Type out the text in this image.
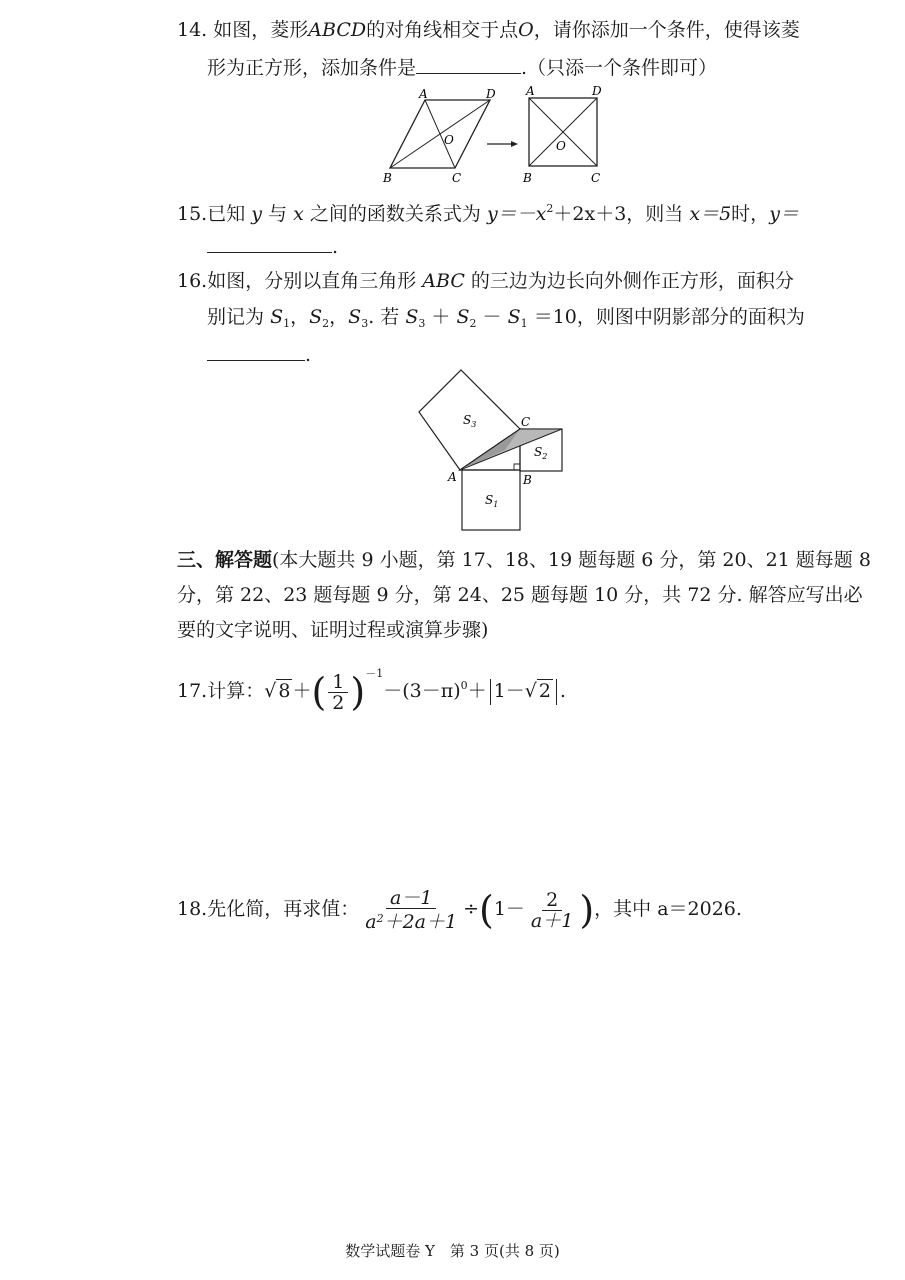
14. 如图，菱形ABCD的对角线相交于点O，请你添加一个条件，使得该菱
形为正方形，添加条件是	.（只添一个条件即可）
A	D
B	C
O
A	D
B	C
O
15.已知 y 与 x 之间的函数关系式为 $y=-x^2+2x+3$，则当 x＝5时，y＝
.
16.如图，分别以直角三角形 ABC 的三边为边长向外侧作正方形，面积分
别记为 $S_1$，$S_2$，$S_3$. 若 $S_3 + S_2 - S_1 =10$，则图中阴影部分的面积为
.
$S_3$
$S_2$
$S_1$
A	B
C
三、解答题(本大题共 9 小题，第 17、18、19 题每题 6 分，第 20、21 题每题 8
分，第 22、23 题每题 9 分，第 24、25 题每题 10 分，共 72 分. 解答应写出必
要的文字说明、证明过程或演算步骤)
17.计算：√ 8 ＋( $\frac{1}{2} )^{-1}-(3-\pi)^0+ 1-√$ 2 .
18.先化简，再求值： $\frac{a-1}{a^2+2a+1} \div(1- \frac{2}{a+1}$ )，其中 a＝2026.
数学试题卷 Y　第 3 页(共 8 页)
